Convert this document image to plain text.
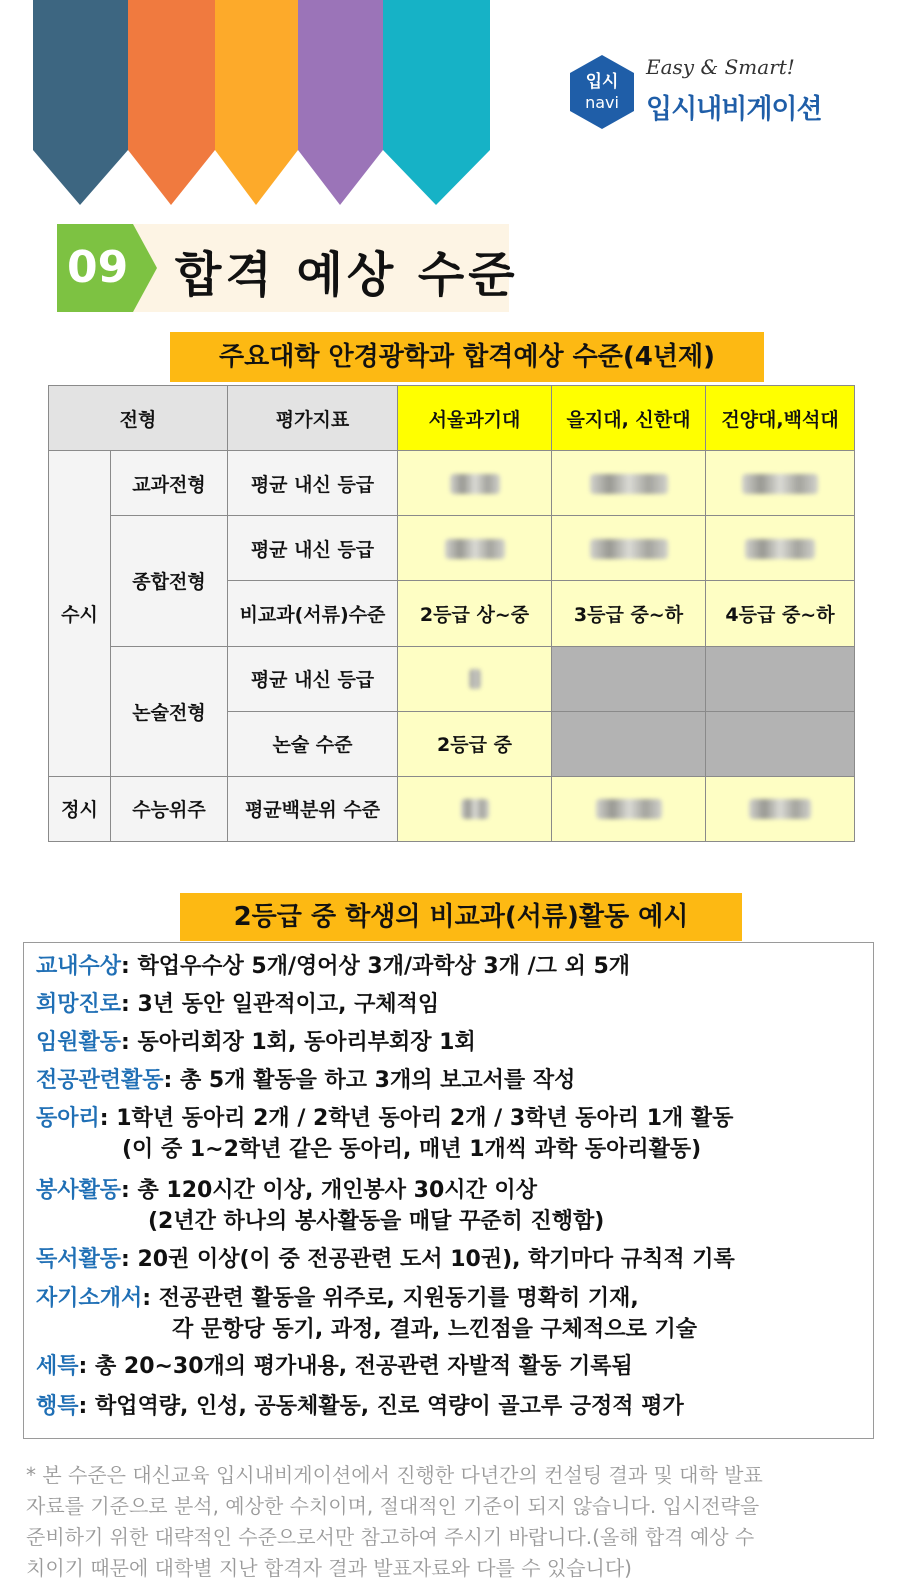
입시
navi
Easy & Smart!
입시내비게이션
09 합격 예상 수준
주요대학 안경광학과 합격예상 수준(4년제)
전형		평가지표	서울과기대	을지대, 신한대	건양대,백석대
수시	교과전형	평균 내신 등급			
	종합전형	평균 내신 등급			
		비교과(서류)수준	2등급 상~중	3등급 중~하	4등급 중~하
	논술전형	평균 내신 등급			
		논술 수준	2등급 중		
정시	수능위주	평균백분위 수준			
2등급 중 학생의 비교과(서류)활동 예시
교내수상: 학업우수상 5개/영어상 3개/과학상 3개 /그 외 5개
희망진로: 3년 동안 일관적이고, 구체적임
임원활동: 동아리회장 1회, 동아리부회장 1회
전공관련활동: 총 5개 활동을 하고 3개의 보고서를 작성
동아리: 1학년 동아리 2개 / 2학년 동아리 2개 / 3학년 동아리 1개 활동
(이 중 1~2학년 같은 동아리, 매년 1개씩 과학 동아리활동)
봉사활동: 총 120시간 이상, 개인봉사 30시간 이상
(2년간 하나의 봉사활동을 매달 꾸준히 진행함)
독서활동: 20권 이상(이 중 전공관련 도서 10권), 학기마다 규칙적 기록
자기소개서: 전공관련 활동을 위주로, 지원동기를 명확히 기재,
각 문항당 동기, 과정, 결과, 느낀점을 구체적으로 기술
세특: 총 20~30개의 평가내용, 전공관련 자발적 활동 기록됨
행특: 학업역량, 인성, 공동체활동, 진로 역량이 골고루 긍정적 평가
* 본 수준은 대신교육 입시내비게이션에서 진행한 다년간의 컨설팅 결과 및 대학 발표
자료를 기준으로 분석, 예상한 수치이며, 절대적인 기준이 되지 않습니다. 입시전략을
준비하기 위한 대략적인 수준으로서만 참고하여 주시기 바랍니다.(올해 합격 예상 수
치이기 때문에 대학별 지난 합격자 결과 발표자료와 다를 수 있습니다)
